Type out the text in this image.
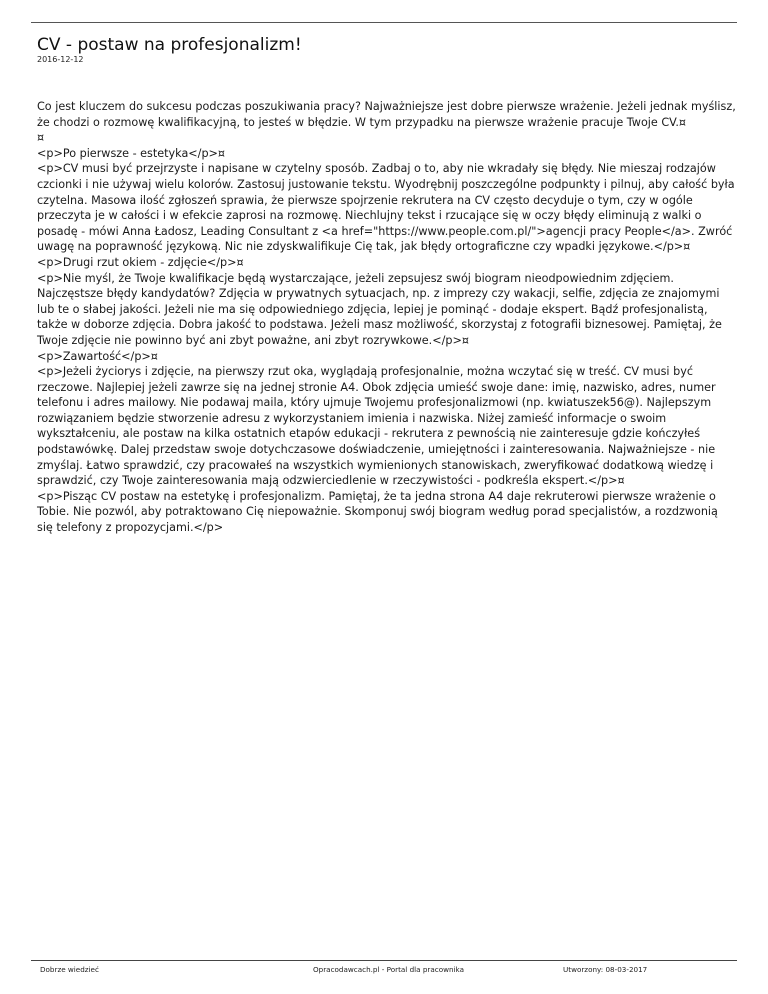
CV - postaw na profesjonalizm!
2016-12-12
Co jest kluczem do sukcesu podczas poszukiwania pracy? Najważniejsze jest dobre pierwsze wrażenie. Jeżeli jednak myślisz, że chodzi o rozmowę kwalifikacyjną, to jesteś w błędzie. W tym przypadku na pierwsze wrażenie pracuje Twoje CV.¤
¤
<p>Po pierwsze - estetyka</p>¤
<p>CV musi być przejrzyste i napisane w czytelny sposób. Zadbaj o to, aby nie wkradały się błędy. Nie mieszaj rodzajów czcionki i nie używaj wielu kolorów. Zastosuj justowanie tekstu. Wyodrębnij poszczególne podpunkty i pilnuj, aby całość była czytelna. Masowa ilość zgłoszeń sprawia, że pierwsze spojrzenie rekrutera na CV często decyduje o tym, czy w ogóle przeczyta je w całości i w efekcie zaprosi na rozmowę. Niechlujny tekst i rzucające się w oczy błędy eliminują z walki o posadę - mówi Anna Ładosz, Leading Consultant z <a href="https://www.people.com.pl/">agencji pracy People</a>. Zwróć uwagę na poprawność językową. Nic nie zdyskwalifikuje Cię tak, jak błędy ortograficzne czy wpadki językowe.</p>¤
<p>Drugi rzut okiem - zdjęcie</p>¤
<p>Nie myśl, że Twoje kwalifikacje będą wystarczające, jeżeli zepsujesz swój biogram nieodpowiednim zdjęciem. Najczęstsze błędy kandydatów? Zdjęcia w prywatnych sytuacjach, np. z imprezy czy wakacji, selfie, zdjęcia ze znajomymi lub te o słabej jakości. Jeżeli nie ma się odpowiedniego zdjęcia, lepiej je pominąć - dodaje ekspert. Bądź profesjonalistą, także w doborze zdjęcia. Dobra jakość to podstawa. Jeżeli masz możliwość, skorzystaj z fotografii biznesowej. Pamiętaj, że Twoje zdjęcie nie powinno być ani zbyt poważne, ani zbyt rozrywkowe.</p>¤
<p>Zawartość</p>¤
<p>Jeżeli życiorys i zdjęcie, na pierwszy rzut oka, wyglądają profesjonalnie, można wczytać się w treść. CV musi być rzeczowe. Najlepiej jeżeli zawrze się na jednej stronie A4. Obok zdjęcia umieść swoje dane: imię, nazwisko, adres, numer telefonu i adres mailowy. Nie podawaj maila, który ujmuje Twojemu profesjonalizmowi (np. kwiatuszek56@). Najlepszym rozwiązaniem będzie stworzenie adresu z wykorzystaniem imienia i nazwiska. Niżej zamieść informacje o swoim wykształceniu, ale postaw na kilka ostatnich etapów edukacji - rekrutera z pewnością nie zainteresuje gdzie kończyłeś podstawówkę. Dalej przedstaw swoje dotychczasowe doświadczenie, umiejętności i zainteresowania. Najważniejsze - nie zmyślaj. Łatwo sprawdzić, czy pracowałeś na wszystkich wymienionych stanowiskach, zweryfikować dodatkową wiedzę i sprawdzić, czy Twoje zainteresowania mają odzwierciedlenie w rzeczywistości - podkreśla ekspert.</p>¤
<p>Pisząc CV postaw na estetykę i profesjonalizm. Pamiętaj, że ta jedna strona A4 daje rekruterowi pierwsze wrażenie o Tobie. Nie pozwól, aby potraktowano Cię niepoważnie. Skomponuj swój biogram według porad specjalistów, a rozdzwonią się telefony z propozycjami.</p>
Dobrze wiedzieć	Opracodawcach.pl - Portal dla pracownika	Utworzony: 08-03-2017
